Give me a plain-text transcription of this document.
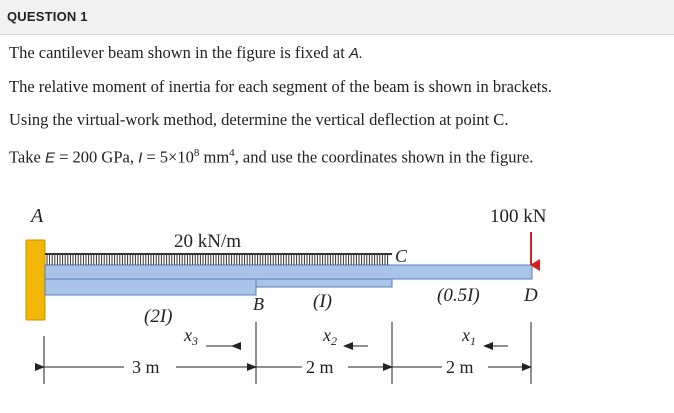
QUESTION 1
The cantilever beam shown in the figure is fixed at A.
The relative moment of inertia for each segment of the beam is shown in brackets.
Using the virtual-work method, determine the vertical deflection at point C.
Take E = 200 GPa, $I = 5\times 10^8$ $mm^4$, and use the coordinates shown in the figure.
A	100 kN
20 kN/m
C
B	(I)	(0.5I) D
(2I)
$x_3$	$x_2$	$x_1$
3 m	2 m	2 m
